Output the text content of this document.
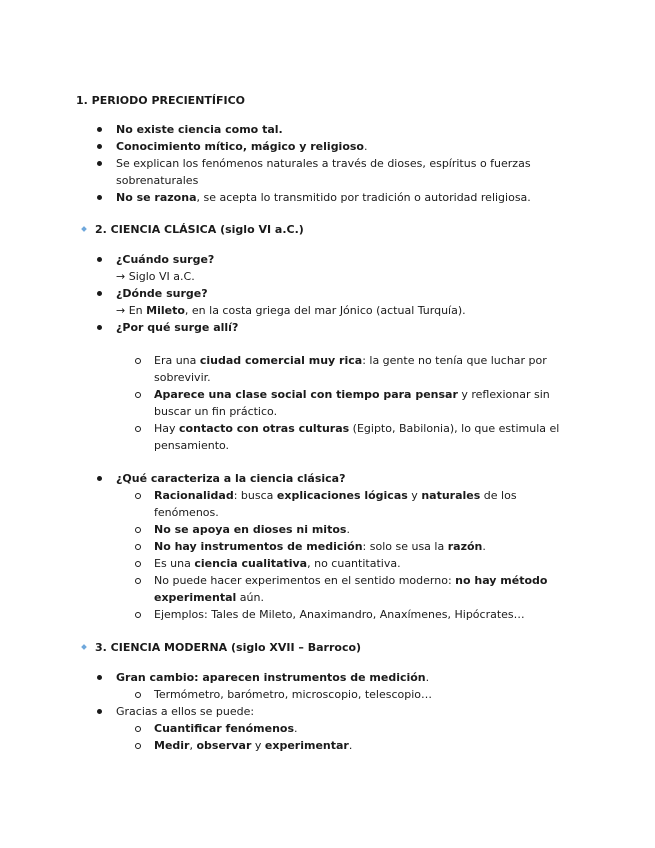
1. PERIODO PRECIENTÍFICO
No existe ciencia como tal.
Conocimiento mítico, mágico y religioso.
Se explican los fenómenos naturales a través de dioses, espíritus o fuerzas
sobrenaturales
No se razona, se acepta lo transmitido por tradición o autoridad religiosa.
2. CIENCIA CLÁSICA (siglo VI a.C.)
¿Cuándo surge?
→ Siglo VI a.C.
¿Dónde surge?
→ En Mileto, en la costa griega del mar Jónico (actual Turquía).
¿Por qué surge allí?
Era una ciudad comercial muy rica: la gente no tenía que luchar por
sobrevivir.
Aparece una clase social con tiempo para pensar y reflexionar sin
buscar un fin práctico.
Hay contacto con otras culturas (Egipto, Babilonia), lo que estimula el
pensamiento.
¿Qué caracteriza a la ciencia clásica?
Racionalidad: busca explicaciones lógicas y naturales de los
fenómenos.
No se apoya en dioses ni mitos.
No hay instrumentos de medición: solo se usa la razón.
Es una ciencia cualitativa, no cuantitativa.
No puede hacer experimentos en el sentido moderno: no hay método
experimental aún.
Ejemplos: Tales de Mileto, Anaximandro, Anaxímenes, Hipócrates…
3. CIENCIA MODERNA (siglo XVII – Barroco)
Gran cambio: aparecen instrumentos de medición.
Termómetro, barómetro, microscopio, telescopio…
Gracias a ellos se puede:
Cuantificar fenómenos.
Medir, observar y experimentar.
